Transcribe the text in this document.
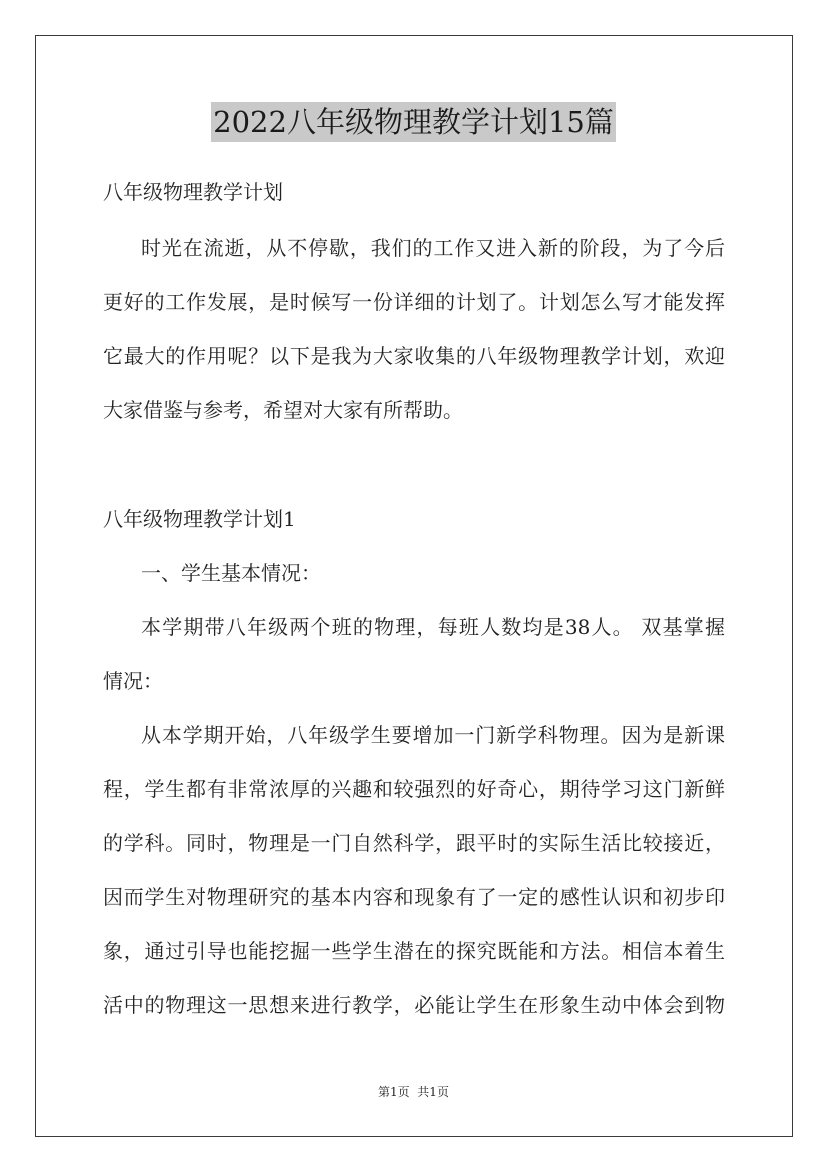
2022八年级物理教学计划15篇
八年级物理教学计划
时光在流逝，从不停歇，我们的工作又进入新的阶段，为了今后
更好的工作发展，是时候写一份详细的计划了。计划怎么写才能发挥
它最大的作用呢？以下是我为大家收集的八年级物理教学计划，欢迎
大家借鉴与参考，希望对大家有所帮助。
八年级物理教学计划1
一、学生基本情况：
本学期带八年级两个班的物理，每班人数均是38人。 双基掌握
情况：
从本学期开始，八年级学生要增加一门新学科物理。因为是新课
程，学生都有非常浓厚的兴趣和较强烈的好奇心，期待学习这门新鲜
的学科。同时，物理是一门自然科学，跟平时的实际生活比较接近，
因而学生对物理研究的基本内容和现象有了一定的感性认识和初步印
象，通过引导也能挖掘一些学生潜在的探究既能和方法。相信本着生
活中的物理这一思想来进行教学，必能让学生在形象生动中体会到物
第1页  共1页
